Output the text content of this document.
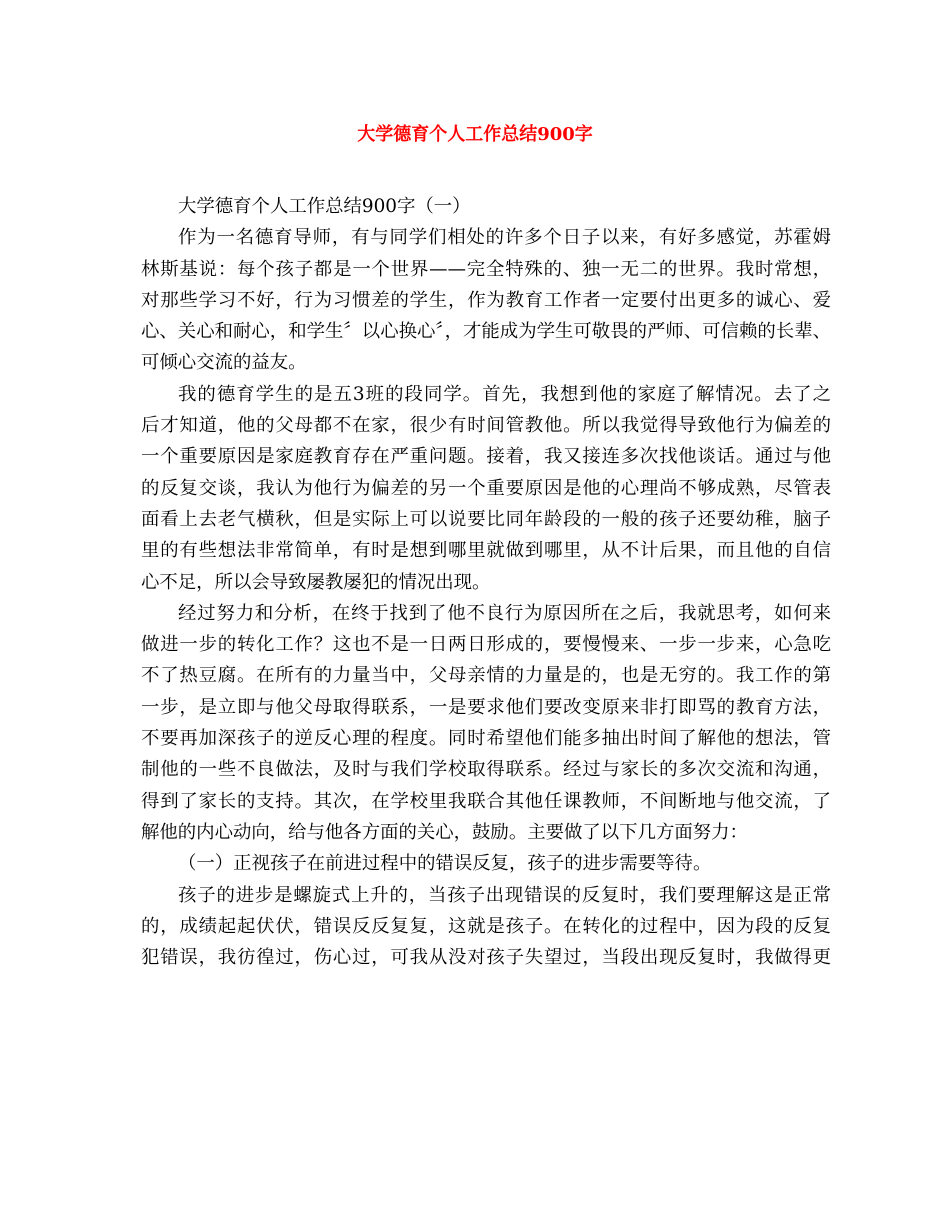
大学德育个人工作总结900字
大学德育个人工作总结900字（一）
作为一名德育导师，有与同学们相处的许多个日子以来，有好多感觉，苏霍姆
林斯基说：每个孩子都是一个世界——完全特殊的、独一无二的世界。我时常想，
对那些学习不好，行为习惯差的学生，作为教育工作者一定要付出更多的诚心、爱
心、关心和耐心，和学生〞以心换心〞，才能成为学生可敬畏的严师、可信赖的长辈、
可倾心交流的益友。
我的德育学生的是五3班的段同学。首先，我想到他的家庭了解情况。去了之
后才知道，他的父母都不在家，很少有时间管教他。所以我觉得导致他行为偏差的
一个重要原因是家庭教育存在严重问题。接着，我又接连多次找他谈话。通过与他
的反复交谈，我认为他行为偏差的另一个重要原因是他的心理尚不够成熟，尽管表
面看上去老气横秋，但是实际上可以说要比同年龄段的一般的孩子还要幼稚，脑子
里的有些想法非常简单，有时是想到哪里就做到哪里，从不计后果，而且他的自信
心不足，所以会导致屡教屡犯的情况出现。
经过努力和分析，在终于找到了他不良行为原因所在之后，我就思考，如何来
做进一步的转化工作？这也不是一日两日形成的，要慢慢来、一步一步来，心急吃
不了热豆腐。在所有的力量当中，父母亲情的力量是的，也是无穷的。我工作的第
一步，是立即与他父母取得联系，一是要求他们要改变原来非打即骂的教育方法，
不要再加深孩子的逆反心理的程度。同时希望他们能多抽出时间了解他的想法，管
制他的一些不良做法，及时与我们学校取得联系。经过与家长的多次交流和沟通，
得到了家长的支持。其次，在学校里我联合其他任课教师，不间断地与他交流，了
解他的内心动向，给与他各方面的关心，鼓励。主要做了以下几方面努力：
（一）正视孩子在前进过程中的错误反复，孩子的进步需要等待。
孩子的进步是螺旋式上升的，当孩子出现错误的反复时，我们要理解这是正常
的，成绩起起伏伏，错误反反复复，这就是孩子。在转化的过程中，因为段的反复
犯错误，我彷徨过，伤心过，可我从没对孩子失望过，当段出现反复时，我做得更
